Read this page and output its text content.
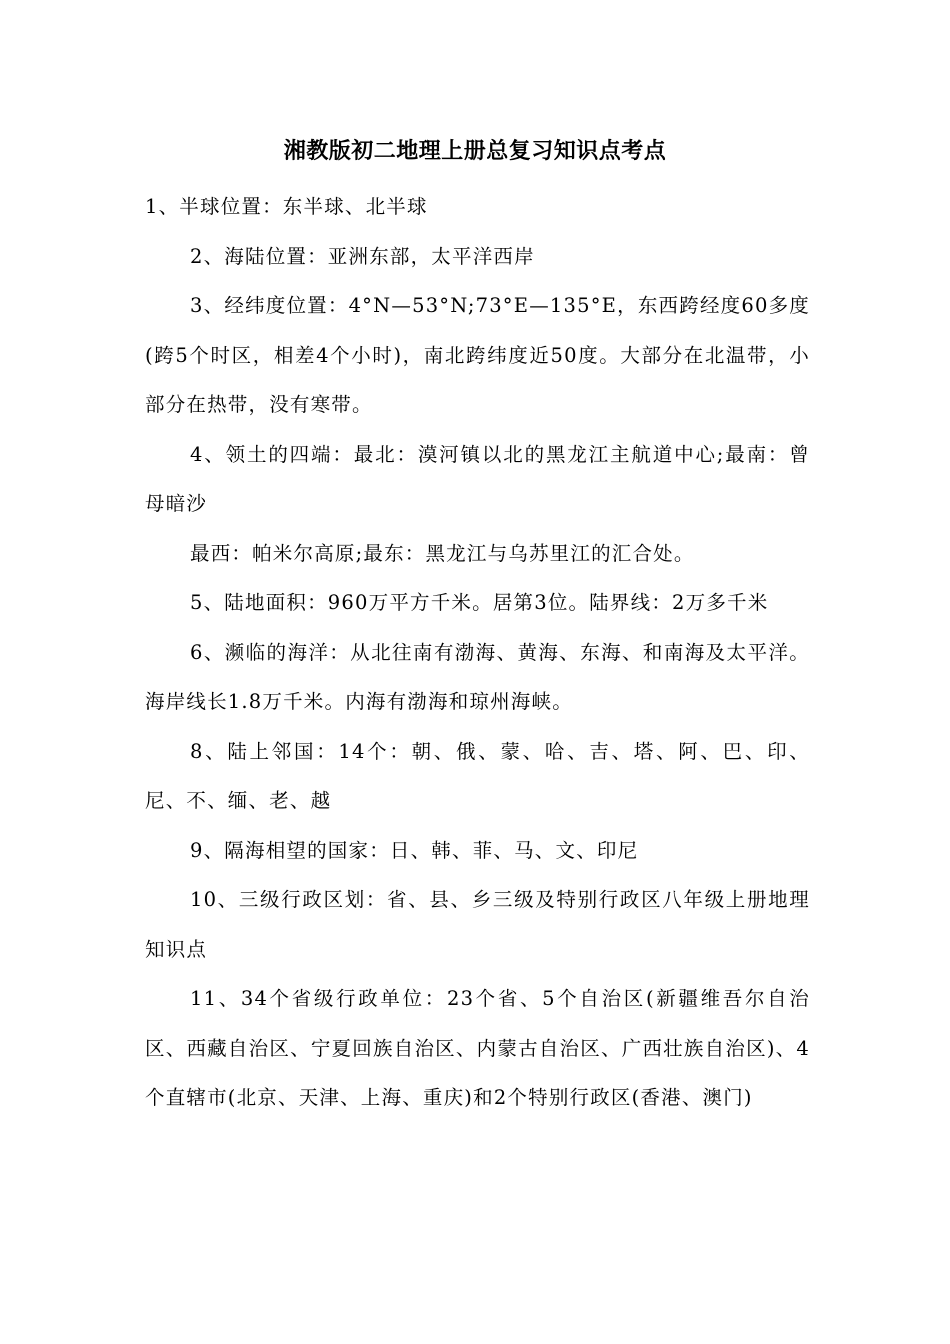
湘教版初二地理上册总复习知识点考点

1、半球位置：东半球、北半球

2、海陆位置：亚洲东部，太平洋西岸

3、经纬度位置：4°N—53°N;73°E—135°E，东西跨经度60多度(跨5个时区，相差4个小时)，南北跨纬度近50度。大部分在北温带，小部分在热带，没有寒带。

4、领土的四端：最北：漠河镇以北的黑龙江主航道中心;最南：曾母暗沙

最西：帕米尔高原;最东：黑龙江与乌苏里江的汇合处。

5、陆地面积：960万平方千米。居第3位。陆界线：2万多千米

6、濒临的海洋：从北往南有渤海、黄海、东海、和南海及太平洋。海岸线长1.8万千米。内海有渤海和琼州海峡。

8、陆上邻国：14个：朝、俄、蒙、哈、吉、塔、阿、巴、印、尼、不、缅、老、越

9、隔海相望的国家：日、韩、菲、马、文、印尼

10、三级行政区划：省、县、乡三级及特别行政区八年级上册地理知识点

11、34个省级行政单位：23个省、5个自治区(新疆维吾尔自治区、西藏自治区、宁夏回族自治区、内蒙古自治区、广西壮族自治区)、4个直辖市(北京、天津、上海、重庆)和2个特别行政区(香港、澳门)
